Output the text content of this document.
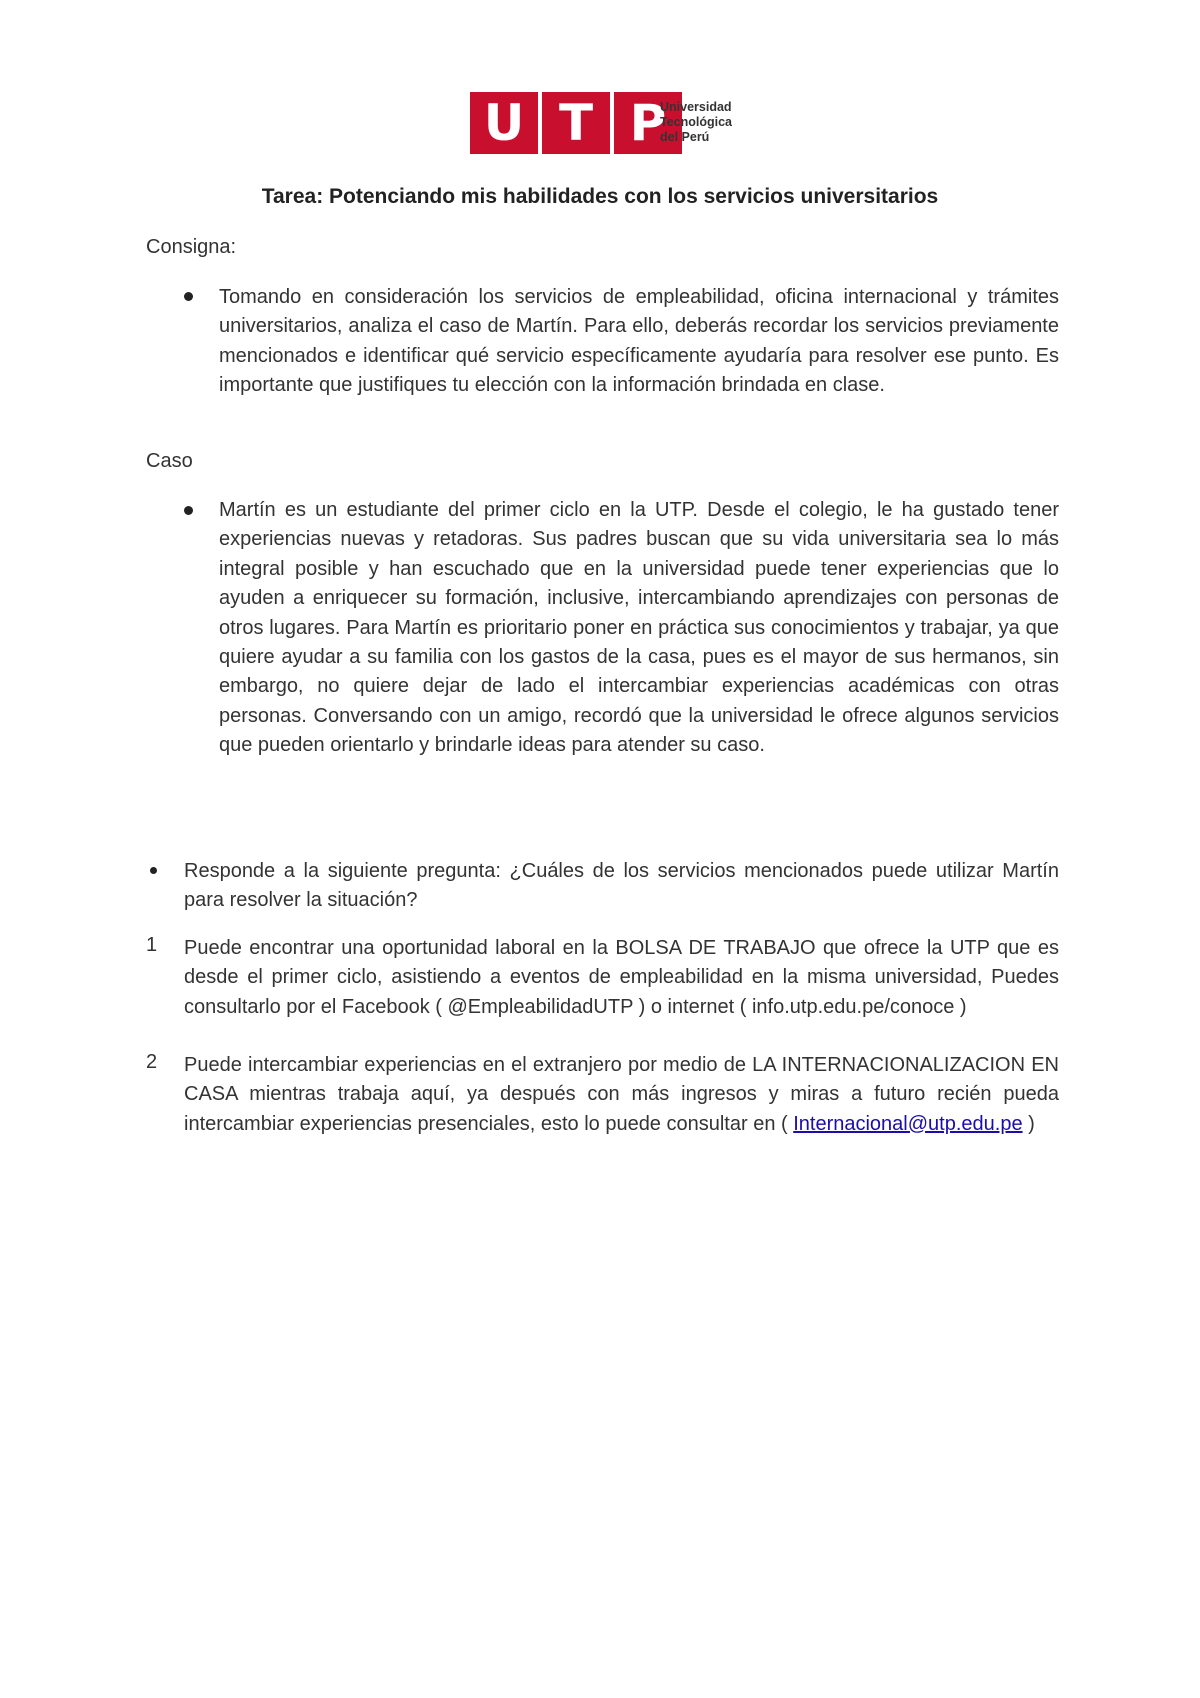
U T P
Universidad
Tecnológica
del Perú
Tarea: Potenciando mis habilidades con los servicios universitarios
Consigna:
Tomando en consideración los servicios de empleabilidad, oficina internacional y trámites universitarios, analiza el caso de Martín. Para ello, deberás recordar los servicios previamente mencionados e identificar qué servicio específicamente ayudaría para resolver ese punto. Es importante que justifiques tu elección con la información brindada en clase.
Caso
Martín es un estudiante del primer ciclo en la UTP. Desde el colegio, le ha gustado tener experiencias nuevas y retadoras. Sus padres buscan que su vida universitaria sea lo más integral posible y han escuchado que en la universidad puede tener experiencias que lo ayuden a enriquecer su formación, inclusive, intercambiando aprendizajes con personas de otros lugares. Para Martín es prioritario poner en práctica sus conocimientos y trabajar, ya que quiere ayudar a su familia con los gastos de la casa, pues es el mayor de sus hermanos, sin embargo, no quiere dejar de lado el intercambiar experiencias académicas con otras personas. Conversando con un amigo, recordó que la universidad le ofrece algunos servicios que pueden orientarlo y brindarle ideas para atender su caso.
Responde a la siguiente pregunta: ¿Cuáles de los servicios mencionados puede utilizar Martín para resolver la situación?
1 Puede encontrar una oportunidad laboral en la BOLSA DE TRABAJO que ofrece la UTP que es desde el primer ciclo, asistiendo a eventos de empleabilidad en la misma universidad, Puedes consultarlo por el Facebook ( @EmpleabilidadUTP ) o internet ( info.utp.edu.pe/conoce )
2 Puede intercambiar experiencias en el extranjero por medio de LA INTERNACIONALIZACION EN CASA mientras trabaja aquí, ya después con más ingresos y miras a futuro recién pueda intercambiar experiencias presenciales, esto lo puede consultar en ( Internacional@utp.edu.pe )
